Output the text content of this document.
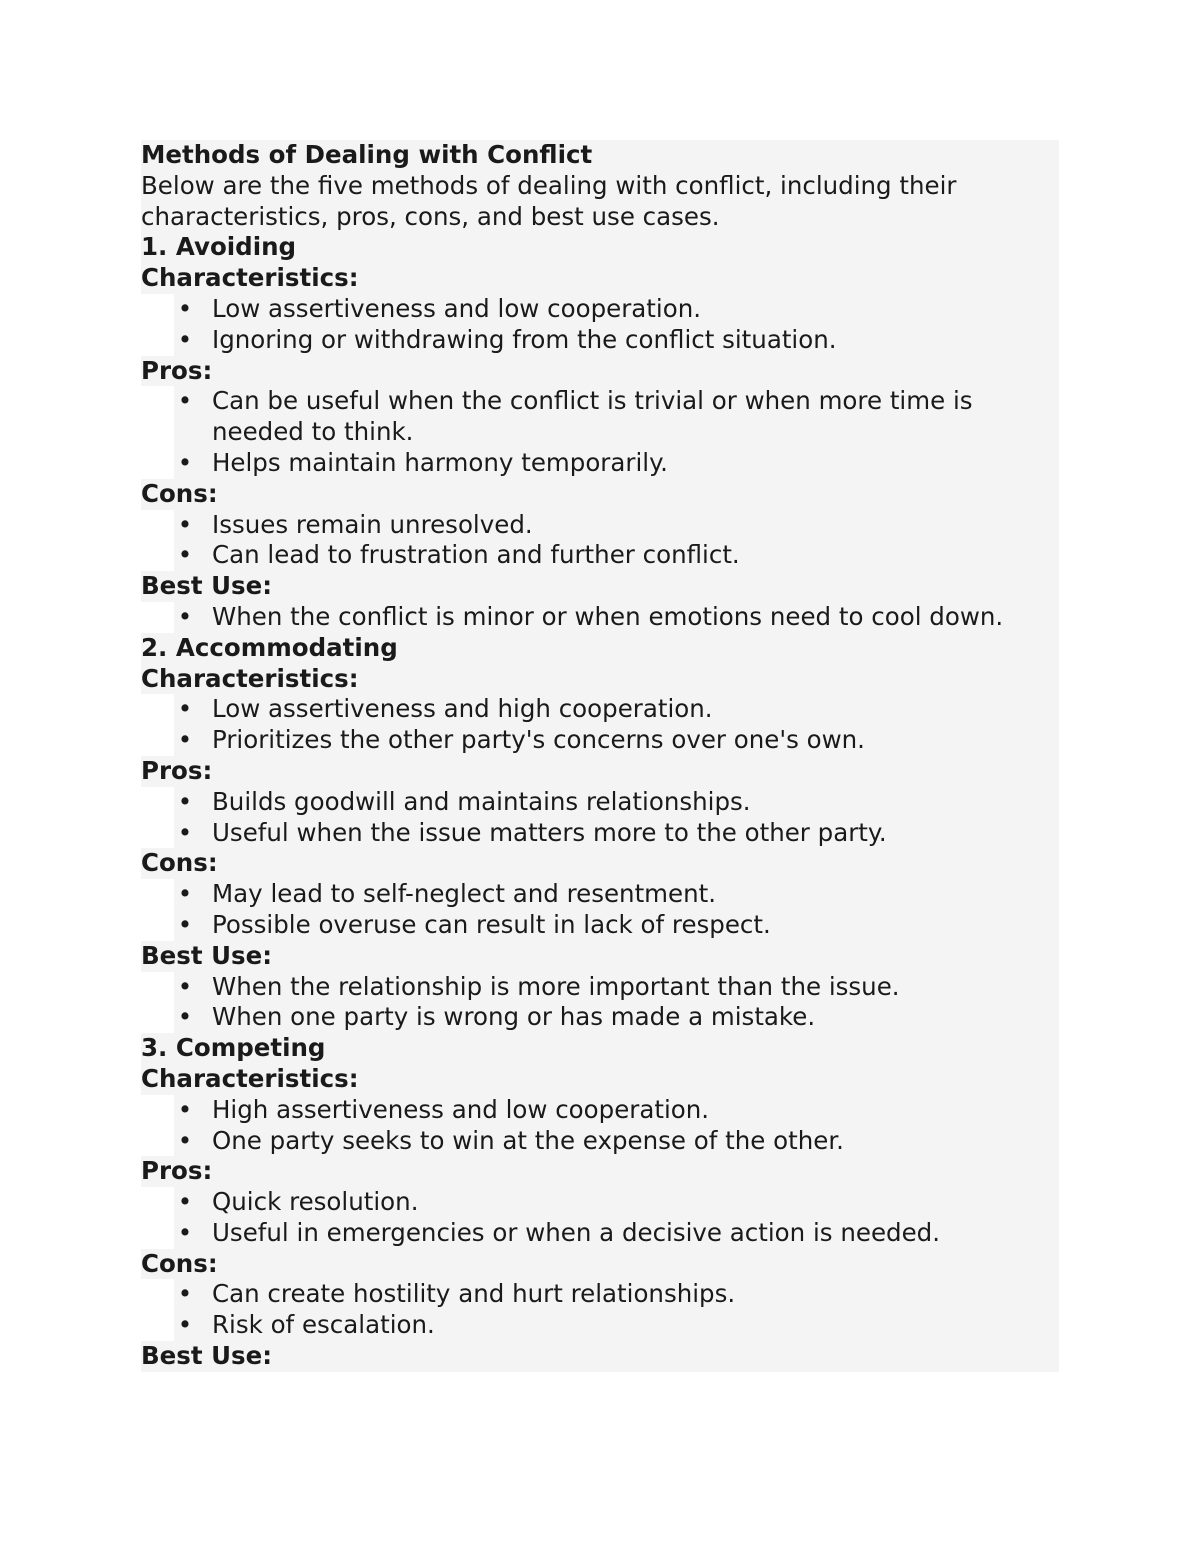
Methods of Dealing with Conflict
Below are the five methods of dealing with conflict, including their characteristics, pros, cons, and best use cases.
1. Avoiding
Characteristics:
• Low assertiveness and low cooperation.
• Ignoring or withdrawing from the conflict situation.
Pros:
• Can be useful when the conflict is trivial or when more time is needed to think.
• Helps maintain harmony temporarily.
Cons:
• Issues remain unresolved.
• Can lead to frustration and further conflict.
Best Use:
• When the conflict is minor or when emotions need to cool down.
2. Accommodating
Characteristics:
• Low assertiveness and high cooperation.
• Prioritizes the other party's concerns over one's own.
Pros:
• Builds goodwill and maintains relationships.
• Useful when the issue matters more to the other party.
Cons:
• May lead to self-neglect and resentment.
• Possible overuse can result in lack of respect.
Best Use:
• When the relationship is more important than the issue.
• When one party is wrong or has made a mistake.
3. Competing
Characteristics:
• High assertiveness and low cooperation.
• One party seeks to win at the expense of the other.
Pros:
• Quick resolution.
• Useful in emergencies or when a decisive action is needed.
Cons:
• Can create hostility and hurt relationships.
• Risk of escalation.
Best Use:
